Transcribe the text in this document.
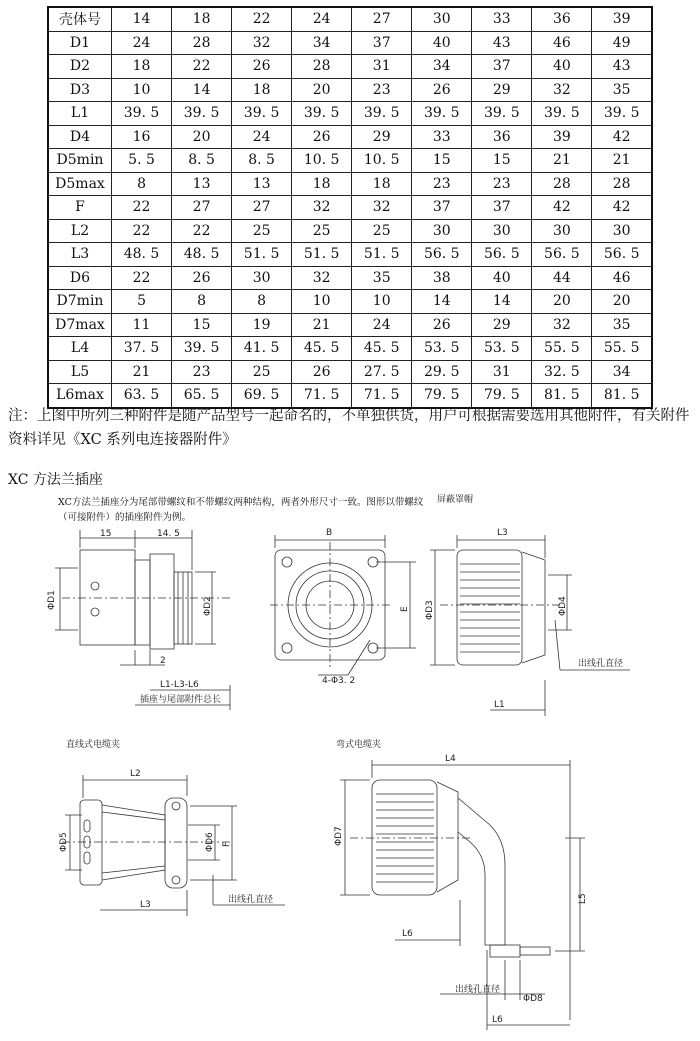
壳体号	14	18	22	24	27	30	33	36	39
D1	24	28	32	34	37	40	43	46	49
D2	18	22	26	28	31	34	37	40	43
D3	10	14	18	20	23	26	29	32	35
L1	39. 5	39. 5	39. 5	39. 5	39. 5	39. 5	39. 5	39. 5	39. 5
D4	16	20	24	26	29	33	36	39	42
D5min	5. 5	8. 5	8. 5	10. 5	10. 5	15	15	21	21
D5max	8	13	13	18	18	23	23	28	28
F	22	27	27	32	32	37	37	42	42
L2	22	22	25	25	25	30	30	30	30
L3	48. 5	48. 5	51. 5	51. 5	51. 5	56. 5	56. 5	56. 5	56. 5
D6	22	26	30	32	35	38	40	44	46
D7min	5	8	8	10	10	14	14	20	20
D7max	11	15	19	21	24	26	29	32	35
L4	37. 5	39. 5	41. 5	45. 5	45. 5	53. 5	53. 5	55. 5	55. 5
L5	21	23	25	26	27. 5	29. 5	31	32. 5	34
L6max	63. 5	65. 5	69. 5	71. 5	71. 5	79. 5	79. 5	81. 5	81. 5
注：上图中所列三种附件是随产品型号一起命名的，不单独供货，用户可根据需要选用其他附件，有关附件资料详见《XC 系列电连接器附件》
XC 方法兰插座
XC方法兰插座分为尾部带螺纹和不带螺纹两种结构，两者外形尺寸一致。图形以带螺纹（可接附件）的插座附件为例。
15	14. 5
ΦD1	ΦD2
2
L1-L3-L6
插座与尾部附件总长
B
E
4-Φ3. 2
屏蔽罩帽
L3
ΦD3	ΦD4
出线孔直径
L1
直线式电缆夹
L2
ΦD5	ΦD6 F
出线孔直径
L3
弯式电缆夹
L4
ΦD7
L5
L6
出线孔直径
ΦD8
L6
